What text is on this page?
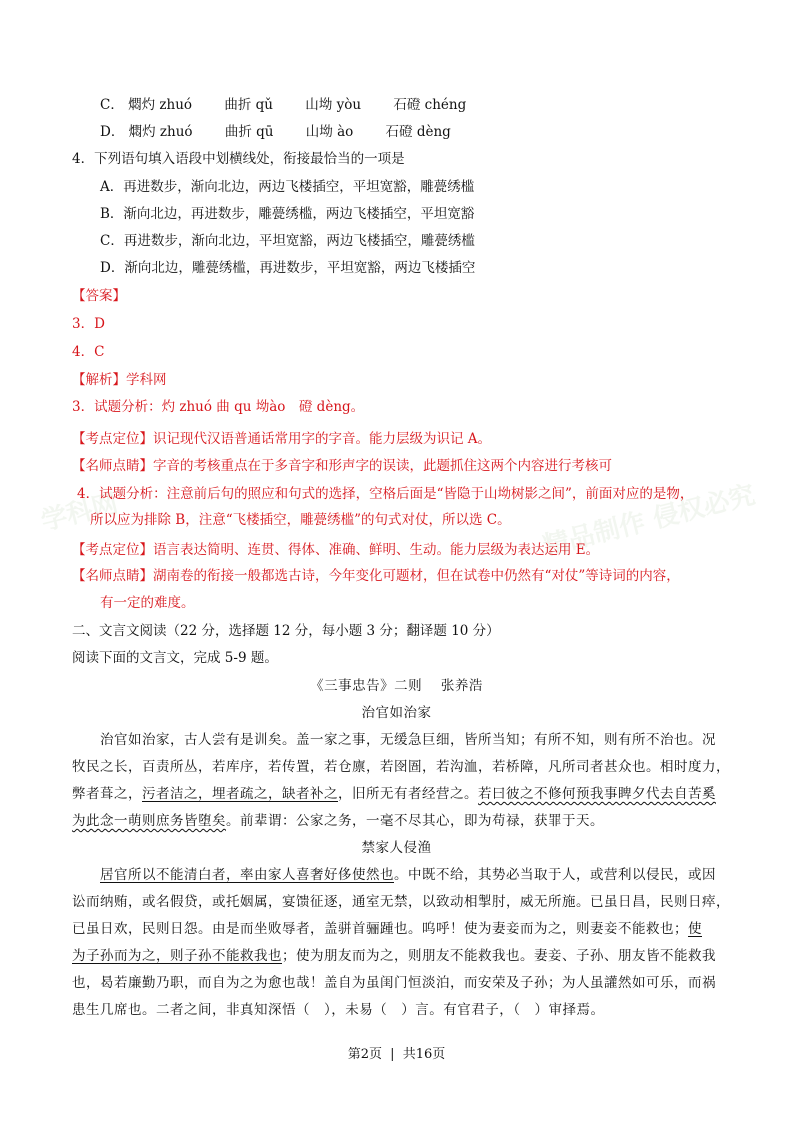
学科网	精品制作 侵权必究
C． 燜灼 zhuó 曲折 qǔ 山坳 yòu 石磴 chéng
D． 燜灼 zhuó 曲折 qū 山坳 ào 石磴 dèng
4．下列语句填入语段中划横线处，衔接最恰当的一项是
A．再进数步，渐向北边，两边飞楼插空，平坦宽豁，雕甍绣槛
B．渐向北边，再进数步，雕甍绣槛，两边飞楼插空，平坦宽豁
C．再进数步，渐向北边，平坦宽豁，两边飞楼插空，雕甍绣槛
D．渐向北边，雕甍绣槛，再进数步，平坦宽豁，两边飞楼插空
【答案】
3．D
4．C
【解析】学科网
3．试题分析：灼 zhuó 曲 qu 坳ào　磴 dèng。
【考点定位】识记现代汉语普通话常用字的字音。能力层级为识记 A。
【名师点睛】字音的考核重点在于多音字和形声字的误读，此题抓住这两个内容进行考核可
4．试题分析：注意前后句的照应和句式的选择，空格后面是“皆隐于山坳树影之间”，前面对应的是物，
所以应为排除 B，注意“飞楼插空，雕甍绣槛”的句式对仗，所以选 C。
【考点定位】语言表达简明、连贯、得体、准确、鲜明、生动。能力层级为表达运用 E。
【名师点睛】湖南卷的衔接一般都选古诗，今年变化可题材，但在试卷中仍然有“对仗”等诗词的内容，
有一定的难度。
二、文言文阅读（22 分，选择题 12 分，每小题 3 分；翻译题 10 分）
阅读下面的文言文，完成 5-9 题。
《三事忠告》二则　 张养浩
治官如治家
治官如治家，古人尝有是训矣。盖一家之事，无缓急巨细，皆所当知；有所不知，则有所不治也。况
牧民之长，百责所丛，若库序，若传置，若仓廪，若囹圄，若沟洫，若桥障，凡所司者甚众也。相时度力，
弊者葺之，污者洁之，埋者疏之，缺者补之，旧所无有者经营之。若曰彼之不修何预我事睥夕代去自苦奚
为此念一萌则庶务皆堕矣。前辈谓：公家之务，一毫不尽其心，即为苟禄，获罪于天。
禁家人侵渔
居官所以不能清白者，率由家人喜奢好侈使然也。中既不给，其势必当取于人，或营利以侵民，或因
讼而纳贿，或名假贷，或托姻属，宴馈征逐，通室无禁，以致动相掣肘，威无所施。已虽日昌，民则日瘁，
已虽日欢，民则日怨。由是而坐败辱者，盖骈首骊踵也。呜呼！使为妻妾而为之，则妻妾不能救也；使
为子孙而为之，则子孙不能救我也；使为朋友而为之，则朋友不能救我也。妻妾、子孙、朋友皆不能救我
也，曷若廉勤乃职，而自为之为愈也哉！盖自为虽闺门恒淡泊，而安荣及子孙；为人虽讙然如可乐，而祸
患生几席也。二者之间，非真知深悟（　），未易（　）言。有官君子，（　）审择焉。
第2页 | 共16页
